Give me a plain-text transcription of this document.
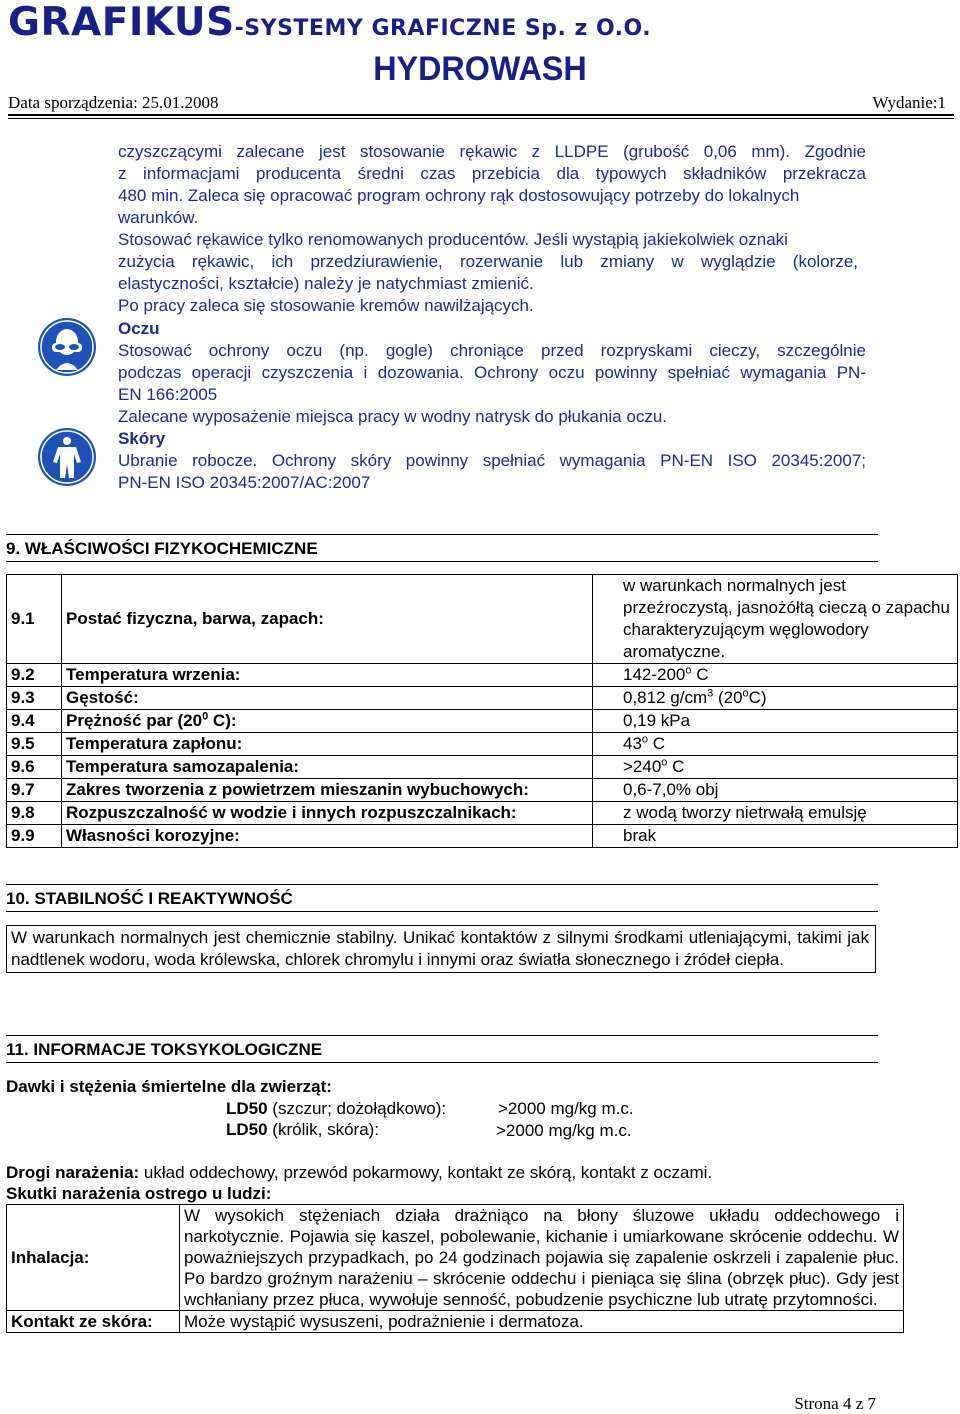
GRAFIKUS-SYSTEMY GRAFICZNE Sp. z O.O.
HYDROWASH
Data sporządzenia: 25.01.2008	Wydanie:1
czyszczącymi zalecane jest stosowanie rękawic z LLDPE (grubość 0,06 mm). Zgodnie
z informacjami producenta średni czas przebicia dla typowych składników przekracza
480 min. Zaleca się opracować program ochrony rąk dostosowujący potrzeby do lokalnych
warunków.
Stosować rękawice tylko renomowanych producentów. Jeśli wystąpią jakiekolwiek oznaki
zużycia rękawic, ich przedziurawienie, rozerwanie lub zmiany w wyglądzie (kolorze,
elastyczności, kształcie) należy je natychmiast zmienić.
Po pracy zaleca się stosowanie kremów nawilżających.
Oczu
Stosować ochrony oczu (np. gogle) chroniące przed rozpryskami cieczy, szczególnie
podczas operacji czyszczenia i dozowania. Ochrony oczu powinny spełniać wymagania PN-
EN 166:2005
Zalecane wyposażenie miejsca pracy w wodny natrysk do płukania oczu.
Skóry
Ubranie robocze. Ochrony skóry powinny spełniać wymagania PN-EN ISO 20345:2007;
PN-EN ISO 20345:2007/AC:2007
9. WŁAŚCIWOŚCI FIZYKOCHEMICZNE
9.1	Postać fizyczna, barwa, zapach:	w warunkach normalnych jest przeźroczystą, jasnożółtą cieczą o zapachu charakteryzującym węglowodory aromatyczne.
9.2	Temperatura wrzenia:	142-200$^o$ C
9.3	Gęstość:	0,812 $g/cm^3$ (20$^o$C)
9.4	Prężność par ($20^0$ C):	0,19 kPa
9.5	Temperatura zapłonu:	43$^o$ C
9.6	Temperatura samozapalenia:	$>240^o$ C
9.7	Zakres tworzenia z powietrzem mieszanin wybuchowych:	0,6-7,0% obj
9.8	Rozpuszczalność w wodzie i innych rozpuszczalnikach:	z wodą tworzy nietrwałą emulsję
9.9	Własności korozyjne:	brak
10. STABILNOŚĆ I REAKTYWNOŚĆ
W warunkach normalnych jest chemicznie stabilny. Unikać kontaktów z silnymi środkami utleniającymi, takimi jak nadtlenek wodoru, woda królewska, chlorek chromylu i innymi oraz światła słonecznego i źródeł ciepła.
11. INFORMACJE TOKSYKOLOGICZNE
Dawki i stężenia śmiertelne dla zwierząt:
LD50 (szczur; dożołądkowo):	>2000 mg/kg m.c.
LD50 (królik, skóra):	>2000 mg/kg m.c.
Drogi narażenia: układ oddechowy, przewód pokarmowy, kontakt ze skórą, kontakt z oczami.
Skutki narażenia ostrego u ludzi:
Inhalacja:	W wysokich stężeniach działa drażniąco na błony śluzowe układu oddechowego i narkotycznie. Pojawia się kaszel, pobolewanie, kichanie i umiarkowane skrócenie oddechu. W poważniejszych przypadkach, po 24 godzinach pojawia się zapalenie oskrzeli i zapalenie płuc. Po bardzo groźnym narażeniu – skrócenie oddechu i pieniąca się ślina (obrzęk płuc). Gdy jest wchłaniany przez płuca, wywołuje senność, pobudzenie psychiczne lub utratę przytomności.
Kontakt ze skóra:	Może wystąpić wysuszeni, podrażnienie i dermatoza.
Strona 4 z 7
